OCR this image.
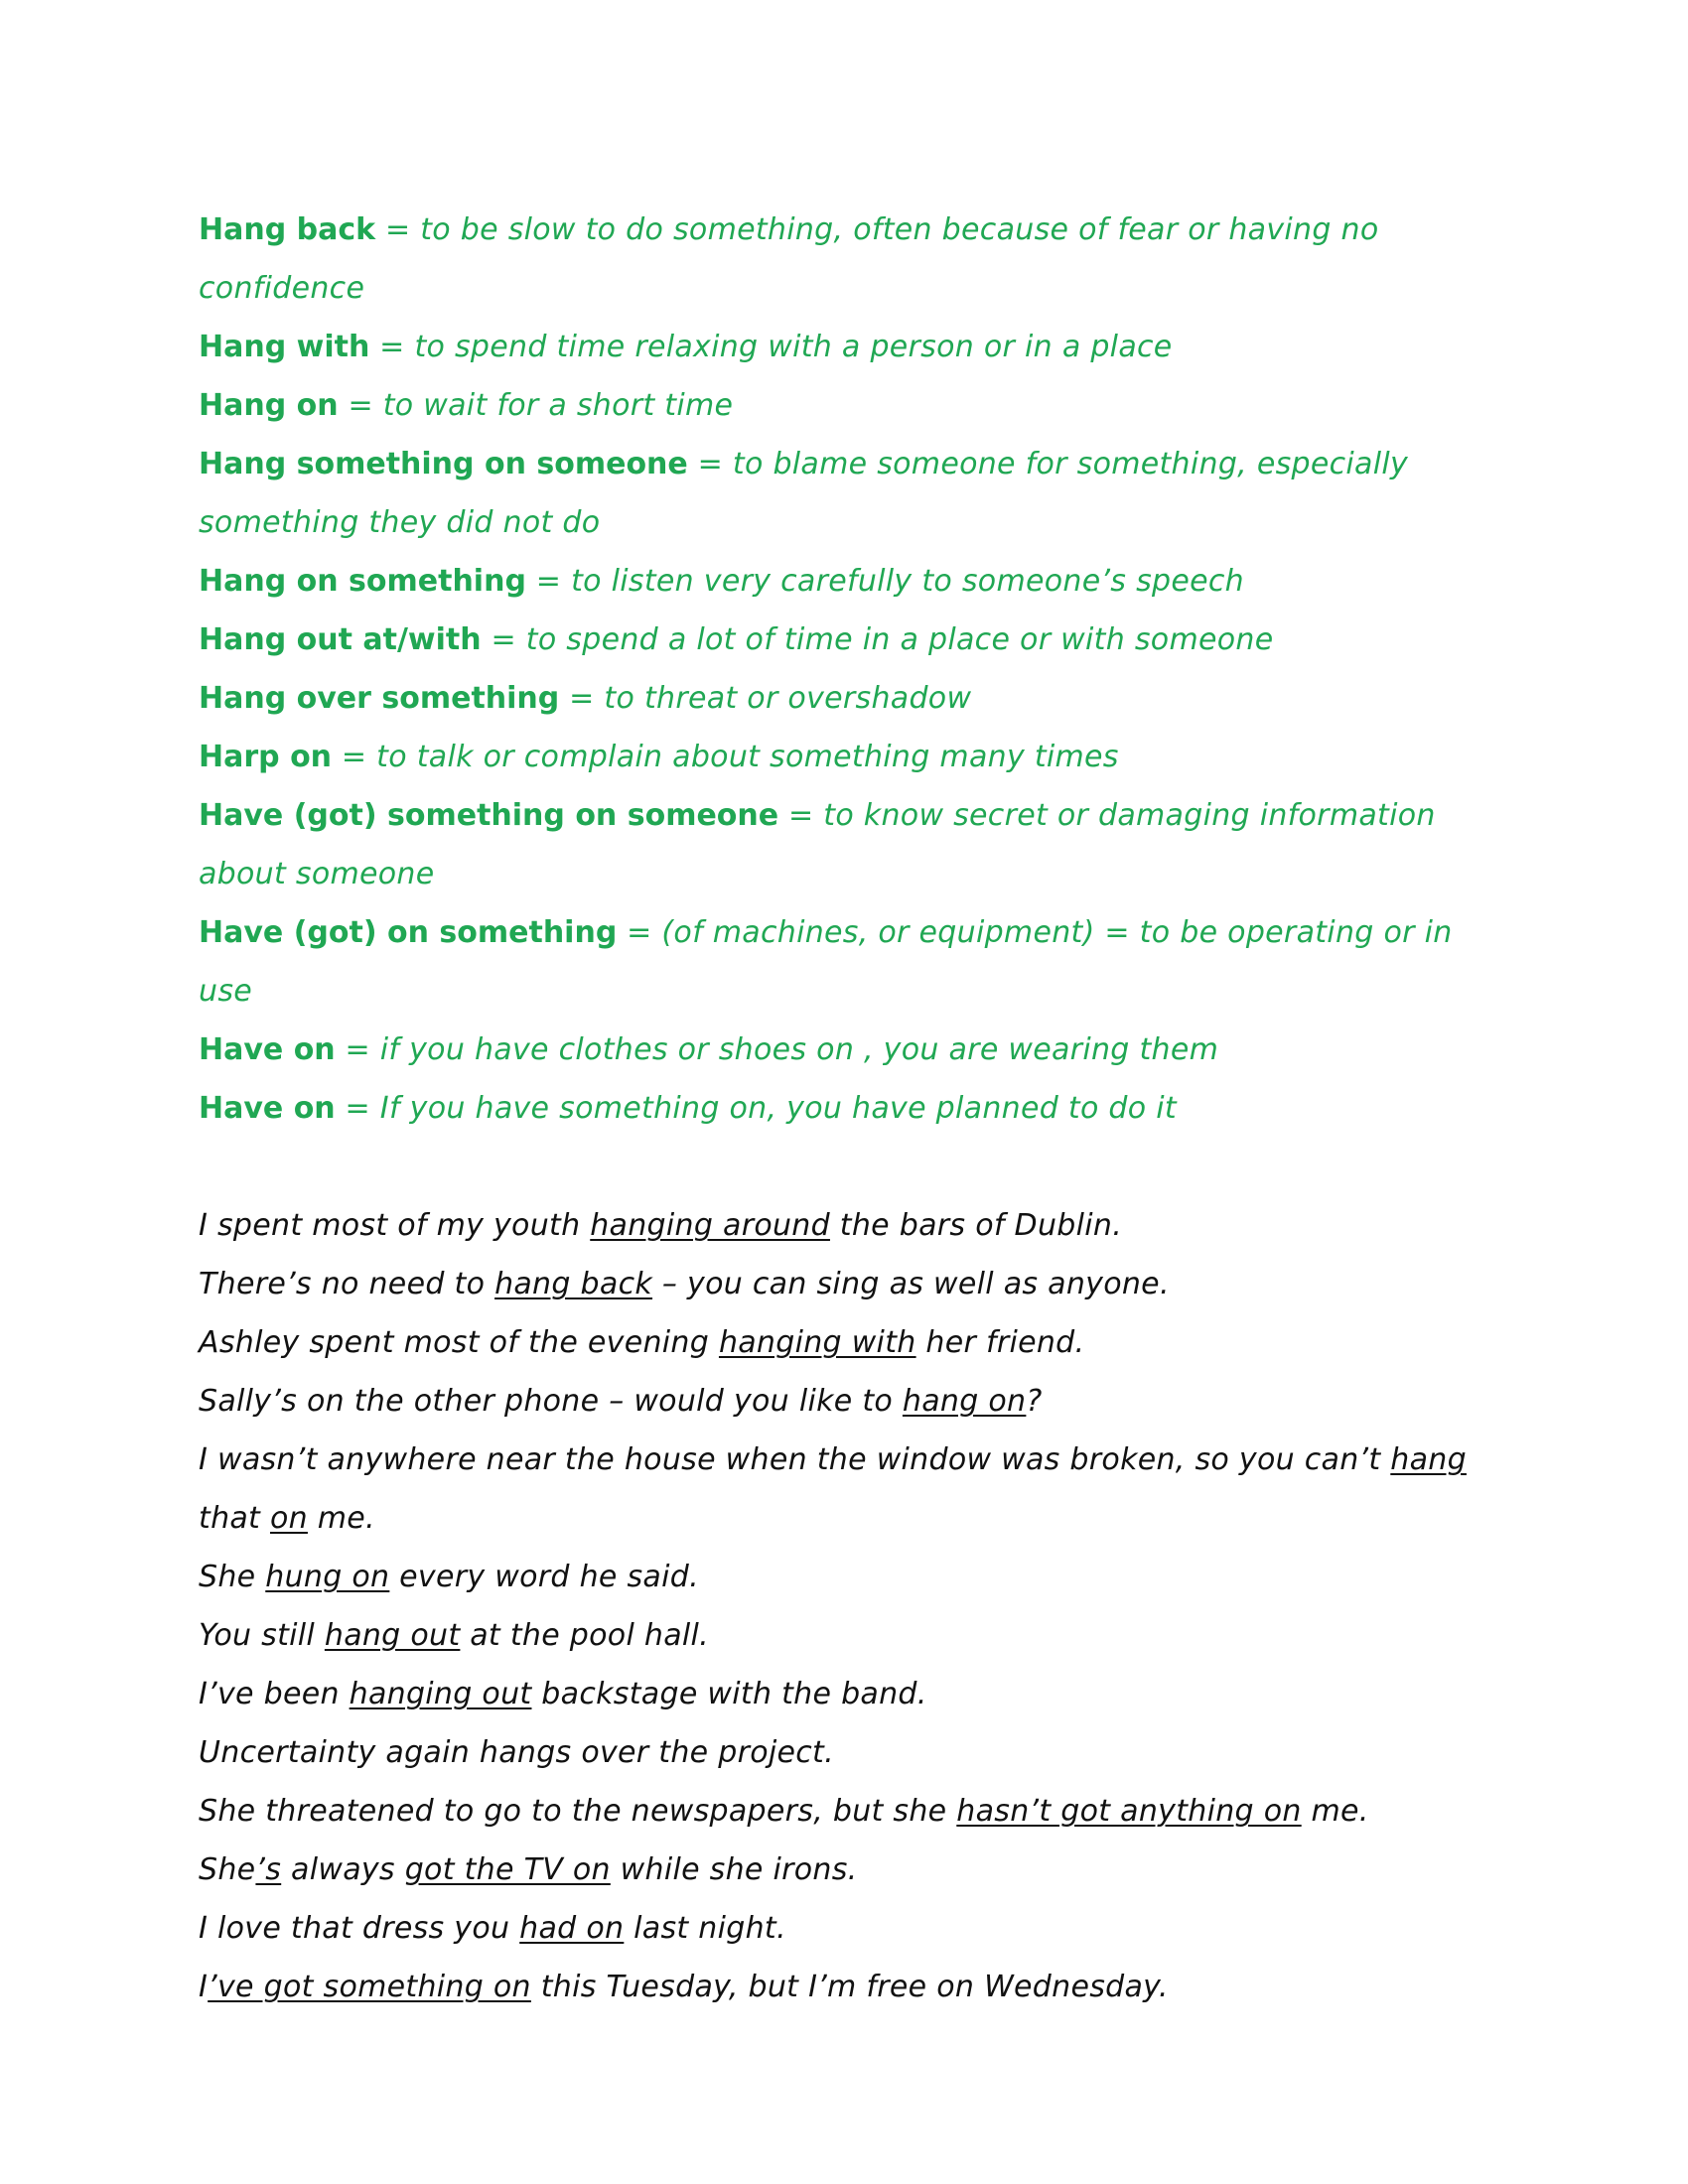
Hang back = to be slow to do something, often because of fear or having no confidence

Hang with = to spend time relaxing with a person or in a place

Hang on = to wait for a short time

Hang something on someone = to blame someone for something, especially something they did not do

Hang on something = to listen very carefully to someone’s speech

Hang out at/with = to spend a lot of time in a place or with someone

Hang over something = to threat or overshadow

Harp on = to talk or complain about something many times

Have (got) something on someone = to know secret or damaging information about someone

Have (got) on something = (of machines, or equipment) = to be operating or in use

Have on = if you have clothes or shoes on , you are wearing them

Have on = If you have something on, you have planned to do it

I spent most of my youth hanging around the bars of Dublin.

There’s no need to hang back – you can sing as well as anyone.

Ashley spent most of the evening hanging with her friend.

Sally’s on the other phone – would you like to hang on?

I wasn’t anywhere near the house when the window was broken, so you can’t hang that on me.

She hung on every word he said.

You still hang out at the pool hall.

I’ve been hanging out backstage with the band.

Uncertainty again hangs over the project.

She threatened to go to the newspapers, but she hasn’t got anything on me.

She’s always got the TV on while she irons.

I love that dress you had on last night.

I’ve got something on this Tuesday, but I’m free on Wednesday.
